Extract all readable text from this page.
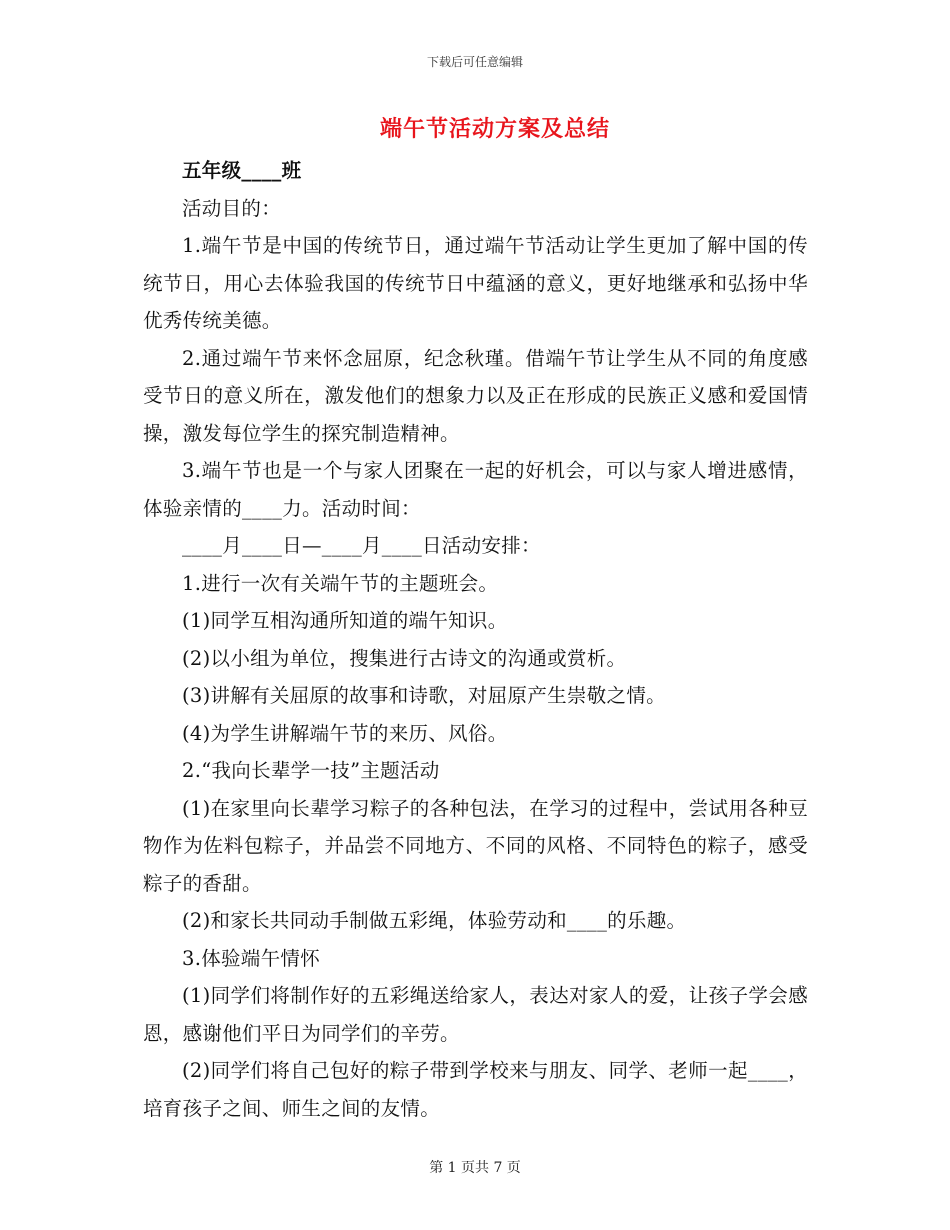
下载后可任意编辑
端午节活动方案及总结

五年级____班

活动目的：

1.端午节是中国的传统节日，通过端午节活动让学生更加了解中国的传统节日，用心去体验我国的传统节日中蕴涵的意义，更好地继承和弘扬中华优秀传统美德。

2.通过端午节来怀念屈原，纪念秋瑾。借端午节让学生从不同的角度感受节日的意义所在，激发他们的想象力以及正在形成的民族正义感和爱国情操，激发每位学生的探究制造精神。

3.端午节也是一个与家人团聚在一起的好机会，可以与家人增进感情，体验亲情的____力。活动时间：

____月____日—____月____日活动安排：

1.进行一次有关端午节的主题班会。

(1)同学互相沟通所知道的端午知识。

(2)以小组为单位，搜集进行古诗文的沟通或赏析。

(3)讲解有关屈原的故事和诗歌，对屈原产生崇敬之情。

(4)为学生讲解端午节的来历、风俗。

2.“我向长辈学一技”主题活动

(1)在家里向长辈学习粽子的各种包法，在学习的过程中，尝试用各种豆物作为佐料包粽子，并品尝不同地方、不同的风格、不同特色的粽子，感受粽子的香甜。

(2)和家长共同动手制做五彩绳，体验劳动和____的乐趣。

3.体验端午情怀

(1)同学们将制作好的五彩绳送给家人，表达对家人的爱，让孩子学会感恩，感谢他们平日为同学们的辛劳。

(2)同学们将自己包好的粽子带到学校来与朋友、同学、老师一起____，培育孩子之间、师生之间的友情。

第 1 页共 7 页
